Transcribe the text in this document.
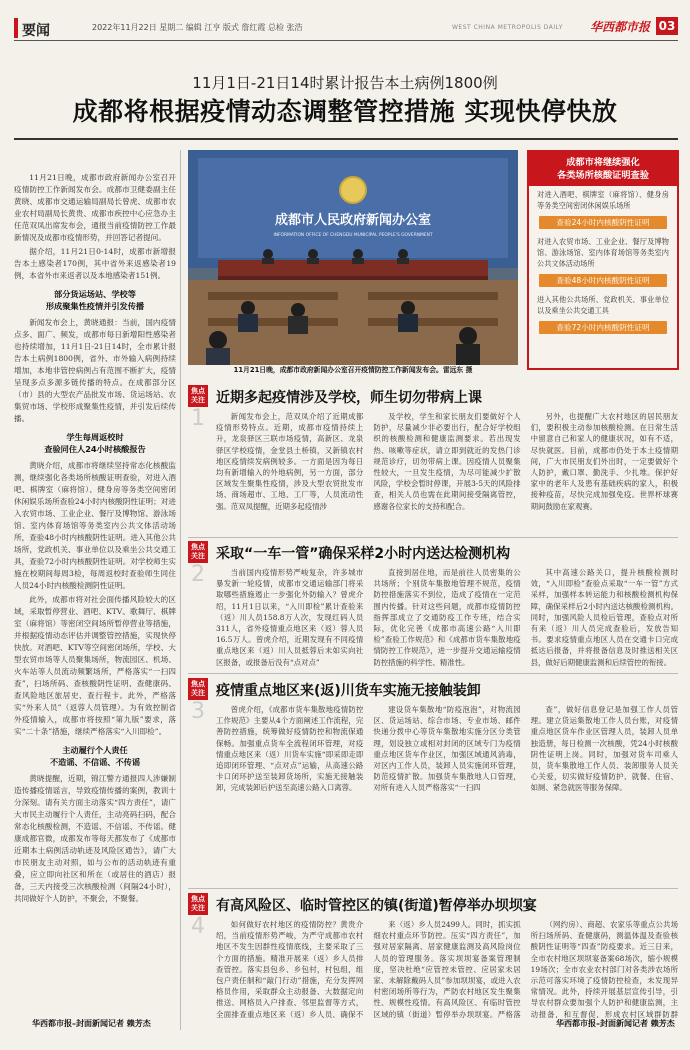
要闻	2022年11月22日 星期二 编辑 江亨 版式 詹红霞 总检 张浩	WEST CHINA METROPOLIS DAILY 华西都市报 03
11月1日-21日14时累计报告本土病例1800例
成都将根据疫情动态调整管控措施 实现快停快放

11月21日晚，成都市政府新闻办公室召开疫情防控工作新闻发布会。成都市卫健委副主任黄晓、成都市交通运输局副局长曾虎、成都市农业农村局副局长黄贵、成都市疾控中心应急办主任范双凤出席发布会，通报当前疫情防控工作最新情况及成都市疫情形势，并回答记者提问。

据介绍，11月21日0-14时，成都市新增报告本土感染者170例，其中省外来返感染者19例，本省外市来返者以及本地感染者151例。

部分货运场站、学校等
形成聚集性疫情并引发传播

新闻发布会上，黄晓通报：当前，国内疫情点多、面广、频发，成都市每日新增阳性感染者也持续增加，11月1日-21日14时，全市累计报告本土病例1800例，省外、市外输入病例持续增加，本地非管控病例占有范围不断扩大，疫情呈现多点多源多链传播的特点。在成都部分区（市）县的大型农产品批发市场、货运场站、农集贸市场、学校形成聚集性疫情，并引发后续传播。

学生每周返校时
查验同住人24小时核酸报告

黄晓介绍，成都市将继续坚持常态化核酸监测，继续强化各类场所核酸证明查验，对进入酒吧、棋牌室（麻将馆）、健身房等务类空间密闭休闲娱乐场所查验24小时内核酸阴性证明；对进入农贸市场、工业企业、餐厅及博物馆、游泳场馆、室内体育场馆等务类室内公共文体活动场所，查验48小时内核酸阴性证明。进入其他公共场所，党政机关、事业单位以及乘坐公共交通工具，查验72小时内核酸阴性证明。对学校师生实施在校期间每周3检，每周返校时查验师生同住人员24小时内核酸检测阴性证明。

此外，成都市将对社会面传播风险较大的区域，采取暂停营业、酒吧、KTV、歌舞厅、棋牌室（麻将馆）等密闭空间场所暂停营业等措施，并根据疫情动态评估并调整管控措施，实现快停快放。对酒吧、KTV等空间密闭场所，学校、大型农贸市场等人员聚集场所，物流园区、机场、火车站等人员流动频繁场所，严格落实“一扫四查”，扫场所码、查核酸阴性证明、查健康码、查风险地区旅居史、查行程卡。此外，严格落实“外来人员”（返蓉人员管理）。为有效控制省外疫情输入，成都市将按照“第九版”要求，落实“二十条”措施，继续严格落实“入川即检”。

主动履行个人责任
不造谣、不信谣、不传谣

黄晓提醒，近期，锦江警方通报四人涉嫌制造传播疫情谣言，导致疫情传播的案例，教训十分深刻。请有关方面主动落实“四方责任”，请广大市民主动履行个人责任，主动亮码扫码，配合常态化核酸检测，不造谣、不信谣、不传谣。健康成都官微，成都发布等每天都发布了《成都市近期本土病例活动轨迹及风险区通告》，请广大市民朋友主动对照，如与公布的活动轨迹有重叠，应立即向社区和所在（或居住的酒店）报备，三天内接受三次核酸检测（间隔24小时），共同做好个人防护，不聚会，不聚餐。

华西都市报–封面新闻记者 赖芳杰
成都市人民政府新闻办公室
INFORMATION OFFICE OF CHENGDU MUNICIPAL PEOPLE'S GOVERNMENT
11月21日晚，成都市政府新闻办公室召开疫情防控工作新闻发布会。雷远东 摄
成都市将继续强化
各类场所核酸证明查验
对进入酒吧、棋牌室（麻将馆）、健身房等务类空间密闭休闲娱乐场所
查验24小时内核酸阴性证明
对进入农贸市场、工业企业、餐厅及博物馆、游泳场馆、室内体育场馆等务类室内公共文体活动场所
查验48小时内核酸阴性证明
进入其他公共场所、党政机关、事业单位以及乘坐公共交通工具
查验72小时内核酸阴性证明
焦点
关注
1
近期多起疫情涉及学校，师生切勿带病上课
新闻发布会上，范双凤介绍了近期成都疫情形势特点。近期，成都市疫情持续上升，龙泉驿区三联市场疫情，高新区、龙泉驿区学校疫情，金堂县土桥镇，又新镇农村地区疫情续发病例较多。一方面是因为每日均有新增输入的外地病例，另一方面，部分区域发生聚集性疫情，涉及大型农贸批发市场、商场超市、工地、工厂等，人员流动性强。范双凤提醒，近期多起疫情涉
及学校，学生和家长朋友们要做好个人防护，尽量减少非必要出行，配合好学校组织的核酸检测和健康监测要求。若出现发热、咳嗽等症状，请立即到就近的发热门诊规范诊疗，切勿带病上课。因疫情人员聚集性较大，一旦发生疫情，为尽可能减少扩散风险，学校会暂时停课，开展3-5天的风险排查，相关人员也需在此期间接受隔离管控，感谢各位家长的支持和配合。
另外，也提醒广大农村地区的居民朋友们，要积极主动参加核酸检测。在日常生活中留意自己和家人的健康状况，如有不适，尽快就医。目前，成都市仍处于本土疫情期间，广大市民朋友们外出时，一定要做好个人防护，戴口罩、勤洗手、少扎堆。保护好家中的老年人及患有基础疾病的家人，积极接种疫苗，尽快完成加强免疫。世界杯球赛期间鼓励在家观赛。
焦点
关注
2
采取“一车一管”确保采样2小时内送达检测机构
当前国内疫情形势严峻复杂，许多城市暴发新一轮疫情，成都市交通运输部门将采取哪些措施遏止一步强化外防输入？曾虎介绍，11月1日以来，“入川即检”累计查验来（返）川人员158.8万人次，发现红码人员311人，省外疫情重点地区来（返）蓉人员16.5万人。曾虎介绍，近期发现有不同疫情重点地区来（返）川人员抵蓉后未如实向社区报备，或报备后没有“点对点”
直接到居住地，而是前往人员密集的公共场所；个别货车集散地管理不规范，疫情防控措施落实不到位，造成了疫情在一定范围内传播。针对这些问题，成都市疫情防控指挥部成立了交通防疫工作专班，结合实际，优化完善《成都市高速公路“入川即检”查验工作规范》和《成都市货车集散地疫情防控工作规范》，进一步提升交通运输疫情防控措施的科学性、精准性。
其中高速公路关口，提升核酸检测时效，“入川即检”查验点采取“一车一管”方式采样，加强样本转运能力和核酸检测机构保障，确保采样后2小时内送达核酸检测机构。同时，加强风险人员检后管理，查验点对所有来（返）川人员完成查验后，发放告知书。要求疫情重点地区人员在交通卡口完成抵达后报备，并将报备信息及时推送相关区县，做好后期健康监测和后续管控的衔接。
焦点
关注
3
疫情重点地区来(返)川货车实施无接触装卸
曾虎介绍，《成都市货车集散地疫情防控工作规范》主要从4个方面阐述工作流程，完善防控措施，统筹做好疫情防控和物流保通保畅。加强重点货车全流程闭环管理，对疫情重点地区来（返）川货车实施“即采即走即追即闭环管理、“点对点”运输，从高速公路卡口闭环护送至装卸货场所，实施无接触装卸，完成装卸后护送至高速公路入口离蓉。
建设货车集散地“防疫泡泡”，对物流园区、货运场站、综合市场、专业市场、邮件快递分拨中心等货车集散地实施分区分类管理，划设独立或相对封闭的区域专门为疫情重点地区货车作业区，加强区域通风消毒，对区内工作人员，装卸人员实施闭环管理，防范疫情扩散。加强货车集散地人口管理，对所有进入人员严格落实“一扫四
查”，做好信息登记是加强工作人员管理。建立货运集散地工作人员台账，对疫情重点地区货车作业区管理人员，装卸人员单独造册，每日检测一次核酸，凭24小时核酸阴性证明上岗。同时，加强对货车司乘人员，货车集散地工作人员、装卸服务人员关心关爱，切实做好疫情防护、就餐、住宿、如厕、紧急就医等服务保障。
焦点
关注
4
有高风险区、临时管控区的镇(街道)暂停举办坝坝宴
如何做好农村地区的疫情防控？黄贵介绍，当前疫情形势严峻，为严守成都市农村地区不发生因群性疫情底线，主要采取了三个方面的措施。精准开展来（返）乡人员排查管控。落实县包乡、乡包村，村包组，组包户责任制和“敲门行动”措施，充分发挥网格员作用，采取群众主动报备、大数据定向推送、网格员入户排查、邻里监督等方式，全面排查重点地区来（返）乡人员，确保不
来（返）乡人员2499人。同时，抓实抓细农村重点环节防控。压实“四方责任”，加强对居家隔离、居家健康监测及高风险岗位人员的管理服务。落实坝坝宴备案管理制度，坚决杜绝“应管控未管控、应居家未居家、未解除戴码人员”参加坝坝宴，或进入农村密闭场所等行为，严防农村地区发生聚集性、规模性疫情。有高风险区、有临时管控区域的镇（街道）暂停举办坝坝宴。严格落
（网约房）、商超、农家乐等重点公共场所扫场所码、查健康码，测温体温及查验核酸阴性证明等“四查”防疫要求。近三日来，全市农村地区坝坝宴备案68场次，缩小规模19场次；全市农业农村部门对各类涉农场所示范可落实环境了疫情防控检查，未发现异常情况。此外，持续开展基层宣传引导，引导农村群众要加强个人防护和健康监测，主动报备，和互督促，形成农村区域群防群
华西都市报–封面新闻记者 赖芳杰
